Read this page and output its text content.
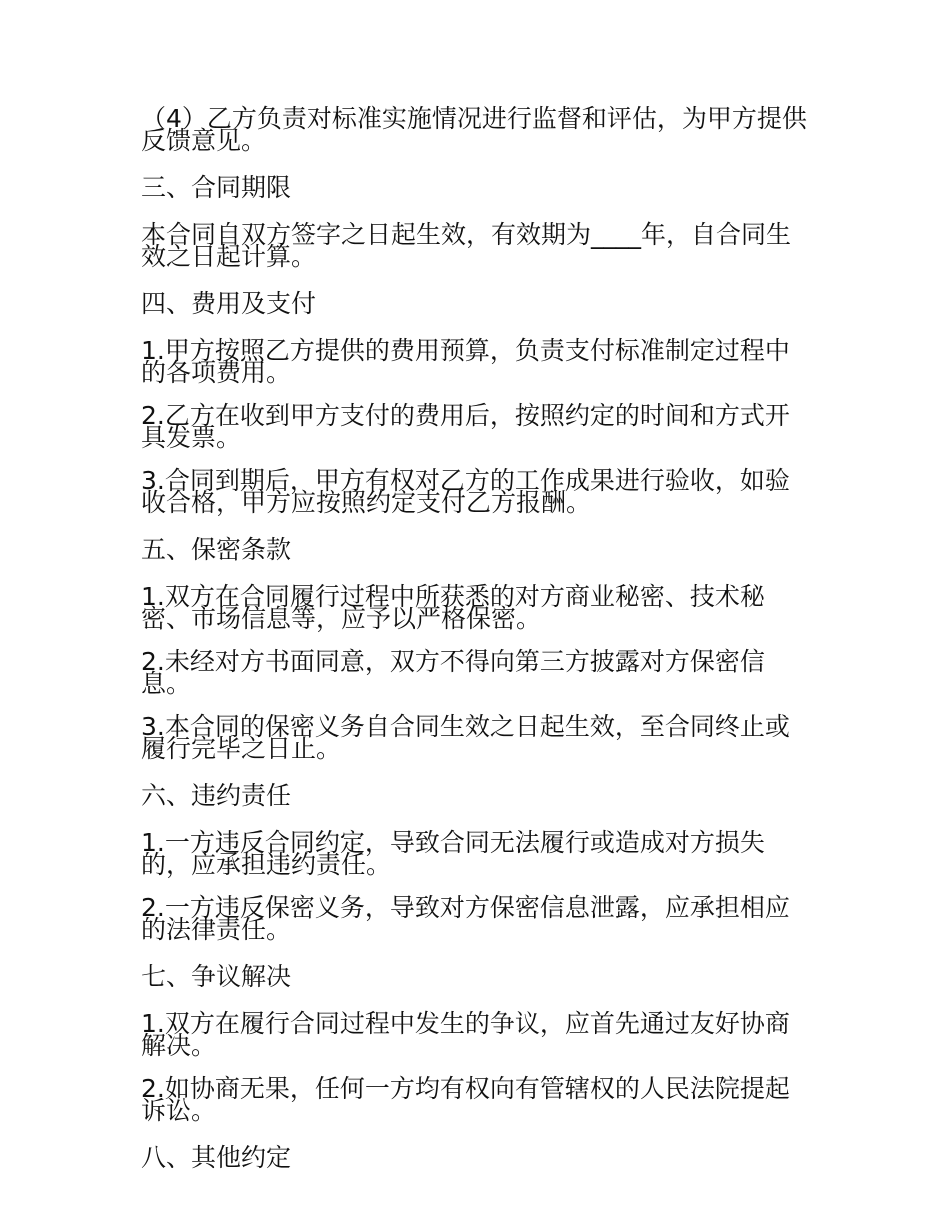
（4）乙方负责对标准实施情况进行监督和评估，为甲方提供反馈意见。

三、合同期限

本合同自双方签字之日起生效，有效期为____年，自合同生效之日起计算。

四、费用及支付

1.甲方按照乙方提供的费用预算，负责支付标准制定过程中的各项费用。

2.乙方在收到甲方支付的费用后，按照约定的时间和方式开具发票。

3.合同到期后，甲方有权对乙方的工作成果进行验收，如验收合格，甲方应按照约定支付乙方报酬。

五、保密条款

1.双方在合同履行过程中所获悉的对方商业秘密、技术秘密、市场信息等，应予以严格保密。

2.未经对方书面同意，双方不得向第三方披露对方保密信息。

3.本合同的保密义务自合同生效之日起生效，至合同终止或履行完毕之日止。

六、违约责任

1.一方违反合同约定，导致合同无法履行或造成对方损失的，应承担违约责任。

2.一方违反保密义务，导致对方保密信息泄露，应承担相应的法律责任。

七、争议解决

1.双方在履行合同过程中发生的争议，应首先通过友好协商解决。

2.如协商无果，任何一方均有权向有管辖权的人民法院提起诉讼。

八、其他约定
